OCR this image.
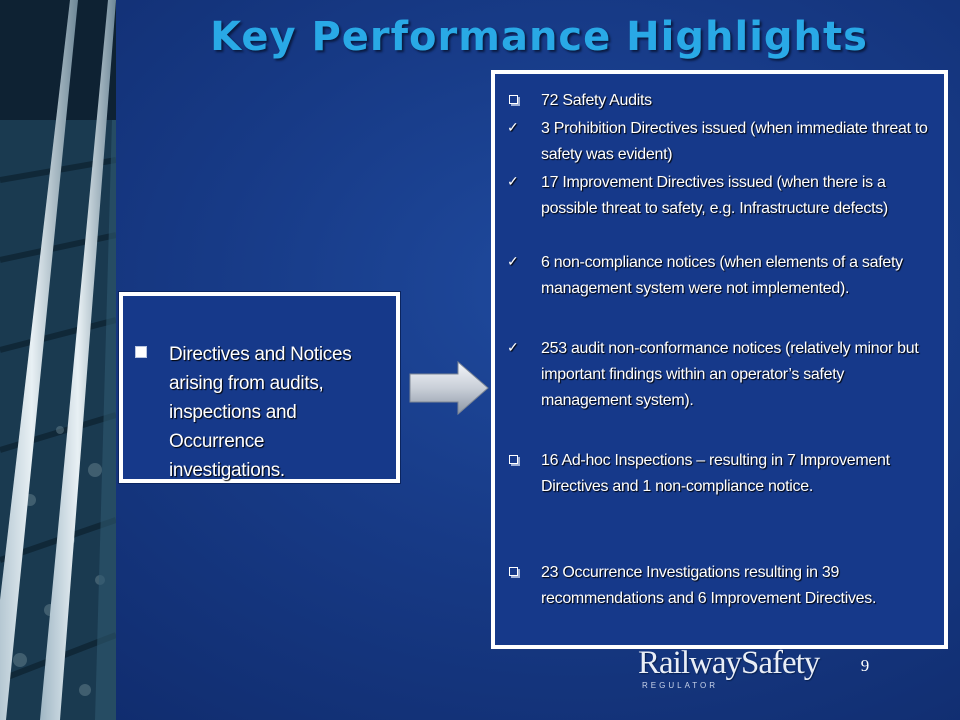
Key Performance Highlights
Directives and Notices arising from audits, inspections and Occurrence investigations.
72 Safety Audits
✓	3 Prohibition Directives issued (when immediate threat to safety was evident)
✓	17 Improvement Directives issued (when there is a possible threat to safety, e.g. Infrastructure defects)
✓	6 non-compliance notices (when elements of a safety management system were not implemented).
✓	253 audit non-conformance notices (relatively minor but important findings within an operator’s safety management system).
16 Ad-hoc Inspections – resulting in 7 Improvement Directives and 1 non-compliance notice.
23 Occurrence Investigations resulting in 39 recommendations and 6 Improvement Directives.
RailwaySafety
REGULATOR
9
